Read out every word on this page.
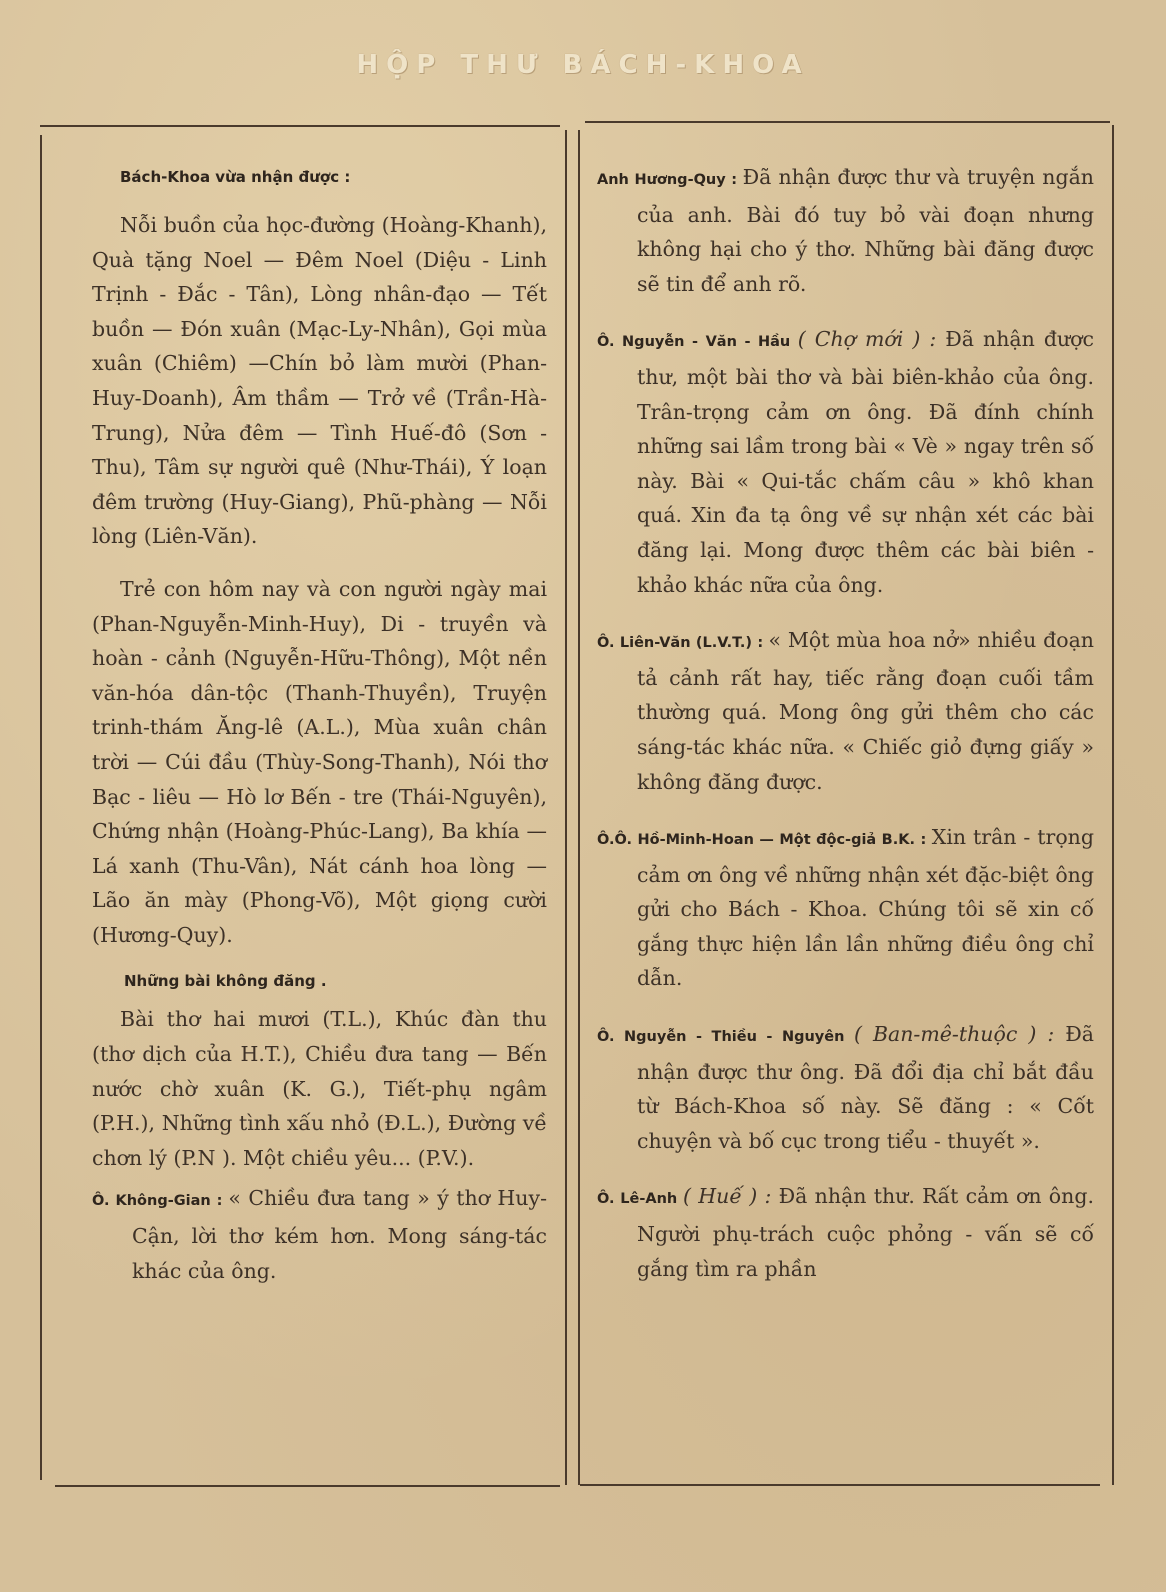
HỘP THƯ BÁCH-KHOA
Bách-Khoa vừa nhận được :

Nỗi buồn của học-đường (Hoàng-Khanh), Quà tặng Noel — Đêm Noel (Diệu - Linh Trịnh - Đắc - Tân), Lòng nhân-đạo — Tết buồn — Đón xuân (Mạc-Ly-Nhân), Gọi mùa xuân (Chiêm) —Chín bỏ làm mười (Phan-Huy-Doanh), Âm thầm — Trở về (Trần-Hà-Trung), Nửa đêm — Tình Huế-đô (Sơn - Thu), Tâm sự người quê (Như-Thái), Ý loạn đêm trường (Huy-Giang), Phũ-phàng — Nỗi lòng (Liên-Văn).

Trẻ con hôm nay và con người ngày mai (Phan-Nguyễn-Minh-Huy), Di - truyền và hoàn - cảnh (Nguyễn-Hữu-Thông), Một nền văn-hóa dân-tộc (Thanh-Thuyền), Truyện trinh-thám Ăng-lê (A.L.), Mùa xuân chân trời — Cúi đầu (Thùy-Song-Thanh), Nói thơ Bạc - liêu — Hò lơ Bến - tre (Thái-Nguyên), Chứng nhận (Hoàng-Phúc-Lang), Ba khía — Lá xanh (Thu-Vân), Nát cánh hoa lòng — Lão ăn mày (Phong-Võ), Một giọng cười (Hương-Quy).

Những bài không đăng .

Bài thơ hai mươi (T.L.), Khúc đàn thu (thơ dịch của H.T.), Chiều đưa tang — Bến nước chờ xuân (K. G.), Tiết-phụ ngâm (P.H.), Những tình xấu nhỏ (Đ.L.), Đường về chơn lý (P.N ). Một chiều yêu... (P.V.).

Ô. Không-Gian : « Chiều đưa tang » ý thơ Huy-Cận, lời thơ kém hơn. Mong sáng-tác khác của ông.
Anh Hương-Quy : Đã nhận được thư và truyện ngắn của anh. Bài đó tuy bỏ vài đoạn nhưng không hại cho ý thơ. Những bài đăng được sẽ tin để anh rõ.
Ô. Nguyễn - Văn - Hầu ( Chợ mới ) : Đã nhận được thư, một bài thơ và bài biên-khảo của ông. Trân-trọng cảm ơn ông. Đã đính chính những sai lầm trong bài « Vè » ngay trên số này. Bài « Qui-tắc chấm câu » khô khan quá. Xin đa tạ ông về sự nhận xét các bài đăng lại. Mong được thêm các bài biên - khảo khác nữa của ông.
Ô. Liên-Văn (L.V.T.) : « Một mùa hoa nở» nhiều đoạn tả cảnh rất hay, tiếc rằng đoạn cuối tầm thường quá. Mong ông gửi thêm cho các sáng-tác khác nữa. « Chiếc giỏ đựng giấy » không đăng được.
Ô.Ô. Hồ-Minh-Hoan — Một độc-giả B.K. : Xin trân - trọng cảm ơn ông về những nhận xét đặc-biệt ông gửi cho Bách - Khoa. Chúng tôi sẽ xin cố gắng thực hiện lần lần những điều ông chỉ dẫn.
Ô. Nguyễn - Thiều - Nguyên ( Ban-mê-thuộc ) : Đã nhận được thư ông. Đã đổi địa chỉ bắt đầu từ Bách-Khoa số này. Sẽ đăng : « Cốt chuyện và bố cục trong tiểu - thuyết ».
Ô. Lê-Anh ( Huế ) : Đã nhận thư. Rất cảm ơn ông. Người phụ-trách cuộc phỏng - vấn sẽ cố gắng tìm ra phần
